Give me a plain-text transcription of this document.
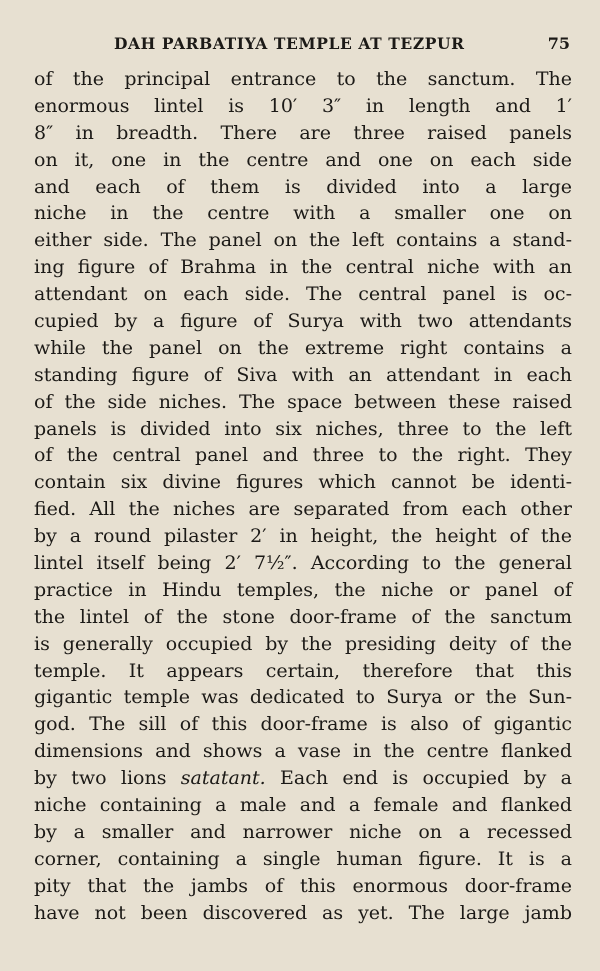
DAH PARBATIYA TEMPLE AT TEZPUR	75
of the principal entrance to the sanctum. The
enormous lintel is 10′ 3″ in length and 1′
8″ in breadth. There are three raised panels
on it, one in the centre and one on each side
and each of them is divided into a large
niche in the centre with a smaller one on
either side. The panel on the left contains a stand-
ing figure of Brahma in the central niche with an
attendant on each side. The central panel is oc-
cupied by a figure of Surya with two attendants
while the panel on the extreme right contains a
standing figure of Siva with an attendant in each
of the side niches. The space between these raised
panels is divided into six niches, three to the left
of the central panel and three to the right. They
contain six divine figures which cannot be identi-
fied. All the niches are separated from each other
by a round pilaster 2′ in height, the height of the
lintel itself being 2′ 7½″. According to the general
practice in Hindu temples, the niche or panel of
the lintel of the stone door-frame of the sanctum
is generally occupied by the presiding deity of the
temple. It appears certain, therefore that this
gigantic temple was dedicated to Surya or the Sun-
god. The sill of this door-frame is also of gigantic
dimensions and shows a vase in the centre flanked
by two lions satatant. Each end is occupied by a
niche containing a male and a female and flanked
by a smaller and narrower niche on a recessed
corner, containing a single human figure. It is a
pity that the jambs of this enormous door-frame
have not been discovered as yet. The large jamb
